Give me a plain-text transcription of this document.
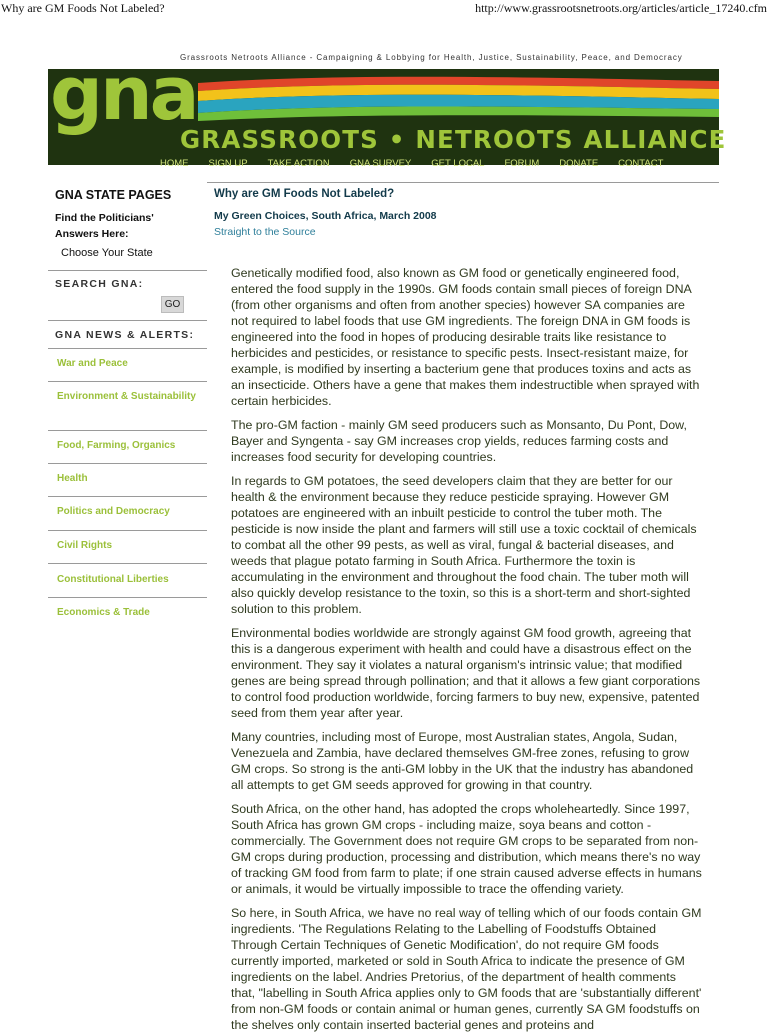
Why are GM Foods Not Labeled?	http://www.grassrootsnetroots.org/articles/article_17240.cfm
Grassroots Netroots Alliance - Campaigning & Lobbying for Health, Justice, Sustainability, Peace, and Democracy
gna
GRASSROOTS • NETROOTS ALLIANCE
HOME SIGN UP TAKE ACTION GNA SURVEY GET LOCAL FORUM DONATE CONTACT
GNA STATE PAGES
Find the Politicians' Answers Here:
Choose Your State
SEARCH GNA:
GO
GNA NEWS & ALERTS:
War and Peace
Environment & Sustainability
Food, Farming, Organics
Health
Politics and Democracy
Civil Rights
Constitutional Liberties
Economics & Trade
Why are GM Foods Not Labeled?
My Green Choices, South Africa, March 2008
Straight to the Source

Genetically modified food, also known as GM food or genetically engineered food, entered the food supply in the 1990s. GM foods contain small pieces of foreign DNA (from other organisms and often from another species) however SA companies are not required to label foods that use GM ingredients. The foreign DNA in GM foods is engineered into the food in hopes of producing desirable traits like resistance to herbicides and pesticides, or resistance to specific pests. Insect-resistant maize, for example, is modified by inserting a bacterium gene that produces toxins and acts as an insecticide. Others have a gene that makes them indestructible when sprayed with certain herbicides.

The pro-GM faction - mainly GM seed producers such as Monsanto, Du Pont, Dow, Bayer and Syngenta - say GM increases crop yields, reduces farming costs and increases food security for developing countries.

In regards to GM potatoes, the seed developers claim that they are better for our health & the environment because they reduce pesticide spraying. However GM potatoes are engineered with an inbuilt pesticide to control the tuber moth. The pesticide is now inside the plant and farmers will still use a toxic cocktail of chemicals to combat all the other 99 pests, as well as viral, fungal & bacterial diseases, and weeds that plague potato farming in South Africa. Furthermore the toxin is accumulating in the environment and throughout the food chain. The tuber moth will also quickly develop resistance to the toxin, so this is a short-term and short-sighted solution to this problem.

Environmental bodies worldwide are strongly against GM food growth, agreeing that this is a dangerous experiment with health and could have a disastrous effect on the environment. They say it violates a natural organism's intrinsic value; that modified genes are being spread through pollination; and that it allows a few giant corporations to control food production worldwide, forcing farmers to buy new, expensive, patented seed from them year after year.

Many countries, including most of Europe, most Australian states, Angola, Sudan, Venezuela and Zambia, have declared themselves GM-free zones, refusing to grow GM crops. So strong is the anti-GM lobby in the UK that the industry has abandoned all attempts to get GM seeds approved for growing in that country.

South Africa, on the other hand, has adopted the crops wholeheartedly. Since 1997, South Africa has grown GM crops - including maize, soya beans and cotton - commercially. The Government does not require GM crops to be separated from non-GM crops during production, processing and distribution, which means there's no way of tracking GM food from farm to plate; if one strain caused adverse effects in humans or animals, it would be virtually impossible to trace the offending variety.

So here, in South Africa, we have no real way of telling which of our foods contain GM ingredients. 'The Regulations Relating to the Labelling of Foodstuffs Obtained Through Certain Techniques of Genetic Modification', do not require GM foods currently imported, marketed or sold in South Africa to indicate the presence of GM ingredients on the label. Andries Pretorius, of the department of health comments that, "labelling in South Africa applies only to GM foods that are 'substantially different' from non-GM foods or contain animal or human genes, currently SA GM foodstuffs on the shelves only contain inserted bacterial genes and proteins and
